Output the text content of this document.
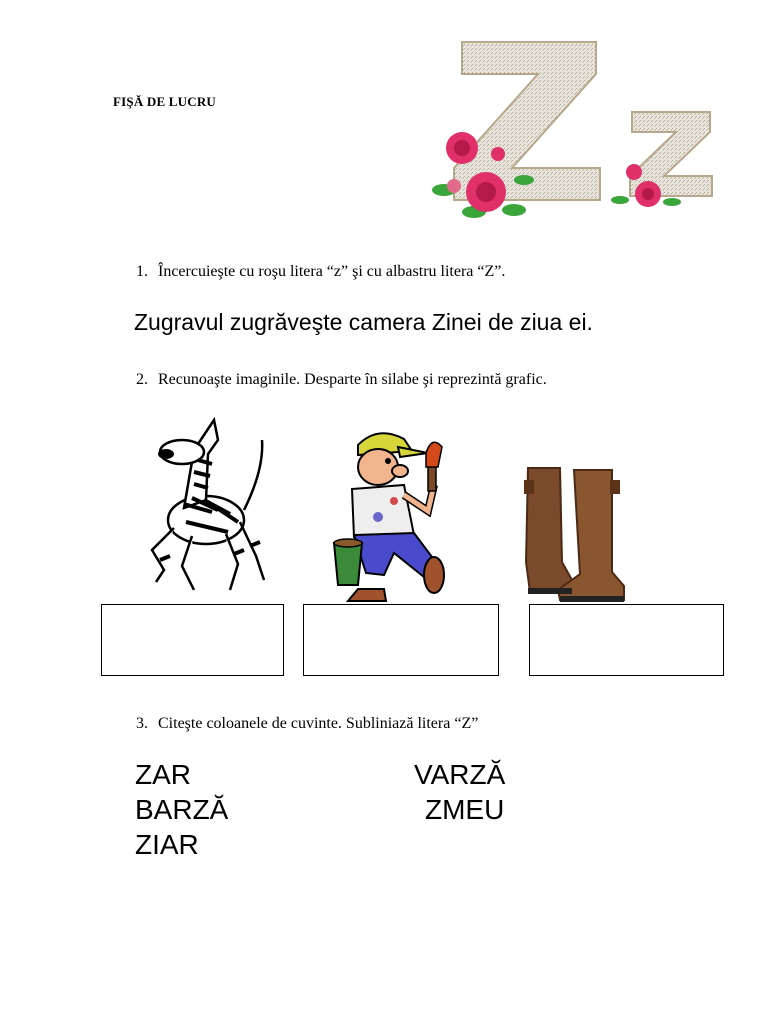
FIŞĂ DE LUCRU
1. Încercuieşte cu roşu litera “z” şi cu albastru litera “Z”.
Zugravul zugrăveşte camera Zinei de ziua ei.
2. Recunoaşte imaginile. Desparte în silabe şi reprezintă grafic.
3. Citeşte coloanele de cuvinte. Subliniază litera “Z”
ZAR
BARZĂ
ZIAR
VARZĂ
ZMEU
